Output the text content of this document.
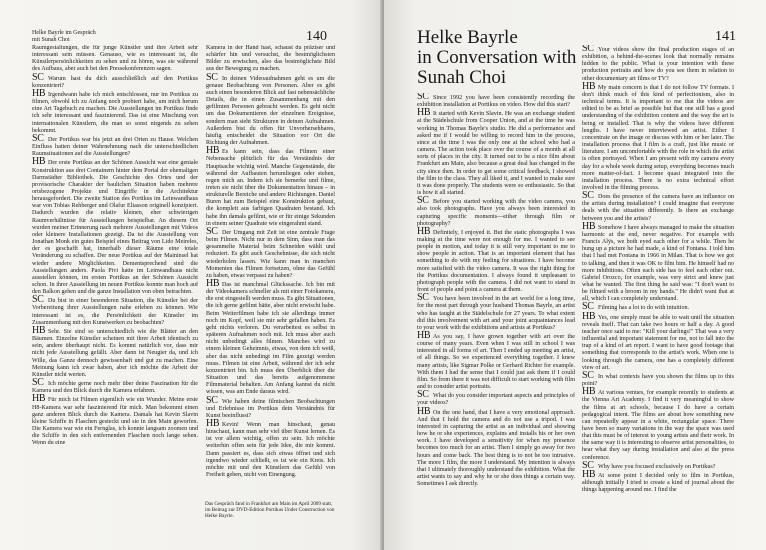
Helke Bayrle im Gespräch
mit Sunah Choi	140

Raumgestaltungen, die für junge Künstler und ihre Arbeit sehr interessant sein müssen. Genauso, wie es interessant ist, die Künstlerpersönlichkeiten zu sehen und zu hören, was sie während des Aufbaus, aber auch bei den Pressekonferenzen sagen.

SC Warum hast du dich ausschließlich auf den Portikus konzentriert?

HB Irgendwann habe ich mich entschlossen, nur im Portikus zu filmen, obwohl ich zu Anfang noch probiert habe, um mich herum eine Art Tagebuch zu machen. Die Ausstellungen im Portikus finde ich sehr interessant und faszinierend. Das ist eine Mischung von internationalen Künstlern, die man so sonst nirgends zu sehen bekommt.

SC Der Portikus war bis jetzt an drei Orten zu Hause. Welchen Einfluss hatten deiner Wahrnehmung nach die unterschiedlichen Raumsituationen auf die Ausstellungen?

HB Der erste Portikus an der Schönen Aussicht war eine geniale Konstruktion aus drei Containern hinter dem Portal der ehemaligen Darmstädter Bibliothek. Die Geschichte des Ortes und der provisorische Charakter der baulichen Situation haben mehrere ortsbezogene Projekte und Eingriffe in die Architektur herausgefordert. Die zweite Station des Portikus im Leinwandhaus war von Tobias Rehberger und Olafur Eliasson originell konzipiert. Dadurch wurden die relativ kleinen, eher schwierigen Raumverhältnisse für Ausstellungen beispielbar. An diesem Ort wurden meiner Erinnerung nach mehrere Ausstellungen mit Videos oder kleinere Installationen gezeigt. Da ist die Ausstellung von Jonathan Monk ein gutes Beispiel eines Beitrag von Lido Meireles, der es geschafft hat, innerhalb dieser Räume eine totale Veränderung zu schaffen. Der neue Portikus auf der Maininsel hat wieder andere Möglichkeiten. Dementsprechend sind die Ausstellungen anders. Paola Pivi hatte im Leinwandhaus nicht ausstellen können, im ersten Portikus an der Schönen Aussicht schon. In ihrer Ausstellung im neuen Portikus konnte man hoch auf den Balkon gehen und die ganze Installation von oben betrachten.

SC Du bist in einer besonderen Situation, die Künstler bei der Vorbereitung ihrer Ausstellungen nahe erleben zu können. Wie interessant ist es, die Persönlichkeit der Künstler im Zusammenhang mit den Kunstwerken zu beobachten?

HB Sehr. Sie sind so unterschiedlich wie die Blätter an den Bäumen. Einzelne Künstler scheinen mit ihrer Arbeit identisch zu sein, andere überhaupt nicht. Es kommt natürlich vor, dass mir nicht jede Ausstellung gefällt. Aber dann ist Neugier da, und ich Wille, das Ganze dennoch gewissenhaft und gut zu machen. Eine Meinung kann ich zwar haben, aber ich möchte die Arbeit der Künstler nicht werten.

SC Ich möchte gerne noch mehr über deine Faszination für die Kamera und den Blick durch die Kamera erfahren.

HB Für mich ist Filmen eigentlich wie ein Wunder. Meine erste H8-Kamera war sehr faszinierend für mich. Man bekommt einen ganz anderen Blick durch die Kamera. Damals hat Kevin Slavin kleine Schiffe in Flaschen gesteckt und sie in den Main geworfen. Die Kamera war wie ein Fernglas, ich konnte langsam zoomen und die Schiffe in den sich entfernenden Flaschen noch lange sehen. Wenn du eine

Kamera in der Hand hast, schaust du präziser und schärfer hin und versuchst, die bestmöglichsten Bilder zu erwischen, also das bestmöglichste Bild aus der Bewegung zu machen.

SC In deinen Videoaufnahmen geht es um die genaue Beobachtung von Personen. Aber es gibt auch einen besonderen Blick auf fast nebensächliche Details, die in einen Zusammenhang mit den gefilmten Personen gebracht werden. Es geht nicht um das Dokumentieren der einzelnen Ereignisse, sondern man sieht Strukturen in deinen Aufnahmen. Außerdem bist du offen für Unvorhersehbares, häufig entscheidet die Situation vor Ort die Richtung der Aufnahmen.

HB Es kann sein, dass das Filmen einer Nebensache plötzlich für das Verständnis der Hauptsache wichtig wird. Manche Gegenstände, die während der Aufbauten herumliegen oder stehen, regen mich an. Indem ich sie bemerke und filme, treten sie nicht über die Dokumentation hinaus – in strukturelle Bereiche und andere Richtungen. Daniel Buren hat zum Beispiel eine Konstruktion gebaut, die komplett aus farbigen Quadraten bestand. Ich habe ihn damals gefilmt, wie er für einige Sekunden in einem seiner Quadrate wie eingerahmt stand.

SC Der Umgang mit Zeit ist eine zentrale Frage beim Filmen. Nicht nur in dem Sinn, dass man das gesammelte Material beim Schneiden wählt und reduziert. Es gibt auch Geschehnisse, die sich nicht wiederholen lassen. Wie kann man in manchen Momenten das Filmen fortsetzen, ohne das Gefühl zu haben, etwas verpasst zu haben?

HB Das ist manchmal Glückssache. Ich bin mit der Videokamera schneller als mit einer Fotokamera, die erst eingestellt werden muss. Es gibt Situationen, die ich gerne gefilmt hätte, aber nicht erwischt habe. Beim Weiterfilmen habe ich sie allerdings immer noch im Kopf, weil sie mir sehr gefallen haben. Es geht nichts verloren. Du verarbeitest es selbst in späteren Aufnahmen noch mit. Ich muss aber auch nicht unbedingt alles filmen. Manches wird zu einem kleinen Geheimnis, etwas, von dem ich weiß, aber das nicht unbedingt im Film gezeigt werden muss. Filmen ist eine Arbeit, während der ich sehr konzentriert bin. Ich muss den Überblick über die Situation und das bereits aufgenommene Filmmaterial behalten. Am Anfang kannst du nicht wissen, was am Ende daraus wird.

SC Wie haben deine filmischen Beobachtungen und Erlebnisse im Portikus dein Verständnis für Kunst beeinflusst?

HB Kevin! Wenn man hinschaut, genau hinschaut, kann man sehr viel über Kunst lernen. Es ist vor allem wichtig, offen zu sein. Ich möchte weiterhin offen sein für jede Idee, die mir kommt. Dann passiert es, dass sich etwas öffnet und sich irgendwo wieder schließt, es ist wie ein Kreis. Ich möchte mit und den Künstlern das Gefühl von Freiheit geben, nicht von Einengung.

Das Gespräch fand in Frankfurt am Main im April 2009 statt, im Beitrag zur DVD-Edition Portikus Under Construction von Helke Bayrle.
Helke Bayrle
in Conversation with
Sunah Choi
141

SC Since 1992 you have been consistently recording the exhibition installation at Portikus on video. How did this start?

HB It started with Kevin Slavin. He was an exchange student at the Städelschule from Cooper Union, and at the time he was working in Thomas Bayrle's studio. He did a performance and asked me if I would be willing to record him in the process, since at the time I was the only one at the school who had a camera. The action took place over the course of a month at all sorts of places in the city. It turned out to be a nice film about Frankfurt am Main, also because a great deal has changed in the city since then. In order to get some critical feedback, I showed the film to the class. They all liked it, and I wanted to make sure it was done properly. The students were so enthusiastic. So that is how it all started.

SC Before you started working with the video camera, you also took photographs. Have you always been interested in capturing specific moments—either through film or photography?

HB Definitely, I enjoyed it. But the static photographs I was making at the time were not enough for me. I wanted to see people in motion, and today it is still very important to me to show people in action. That is an important element that has something to do with my feeling for situations. I have become more satisfied with the video camera. It was the right thing for the Portikus documentation. I always found it unpleasant to photograph people with the camera. I did not want to stand in front of people and point a camera at them.

SC You have been involved in the art world for a long time, for the most part through your husband Thomas Bayrle, an artist who has taught at the Städelschule for 27 years. To what extent did this involvement with art and your joint acquaintances lead to your work with the exhibitions and artists at Portikus?

HB As you say, I have grown together with art over the course of many years. Even when I was still in school I was interested in all forms of art. Then I ended up meeting an artist, of all things. So we experienced everything together. I knew many artists, like Sigmar Polke or Gerhard Richter for example. With them I had the sense that I could just ask them if I could film. So from there it was not difficult to start working with film and to consider artist portraits.

SC What do you consider important aspects and principles of your videos?

HB On the one hand, that I have a very emotional approach. And that I hold the camera and do not use a tripod. I was interested in capturing the artist as an individual and showing how he or she experiences, explains and installs his or her own work. I have developed a sensitivity for when my presence becomes too much for an artist. Then I simply go away for two hours and come back. The best thing is to not be too intrusive. The more I film, the more I understand. My intention is always that I ultimately thoroughly understand the exhibition. What the artist wants to say and why he or she does things a certain way. Sometimes I ask directly.

SC Your videos show the final production stages of an exhibition, a behind-the-scenes look that normally remains hidden to the public. What is your intention with these production portraits and how do you see them in relation to other documentary art films or TV?

HB My main concern is that I do not follow TV formats. I don't think much of this kind of perfectionism, also in technical terms. It is important to me that the videos are edited to be as brief as possible but that one still has a good understanding of the exhibition content and the way the art is being or installed. That is why the videos have different lengths. I have never interviewed an artist. Either I concentrate on the image or discuss with him or her later. The installation process that I film is a craft, just like music or literature. I am uncomfortable with the role in which the artist is often portrayed. When I am present with my camera every day for a whole week during setup, everything becomes much more matter-of-fact. I become quasi integrated into the installation process. There is no extra technical effort involved in the filming process.

SC Does the presence of the camera have an influence on the artists during installation? I could imagine that everyone deals with the situation differently. Is there an exchange between you and the artists?

HB Somehow I have always managed to make the situation harmonic at the end, never negative. For example with Francis Alÿs, we both eyed each other for a while. Then he hung up a picture he had made, a kind of Fontana. I told him that I had met Fontana in 1966 in Milan. That is how we got to talking, and then it was OK to film him. He himself had no more inhibitions. Often each side has to feel each other out. Gabriel Orozco, for example, was very strict and knew just what he wanted. The first thing he said was: "I don't want to be filmed with a broom in my hands." He didn't want that at all, which I can completely understand.

SC Filming has a lot to do with intuition.

HB Yes, one simply must be able to wait until the situation reveals itself. That can take two hours or half a day. A good teacher once said to me: "Kill your darlings!" That was a very influential and important statement for me, not to fall into the trap of a kind of art report. I want to have good footage that something that corresponds to the artist's work. When one is looking through the camera, one has a completely different view of art.

SC In what contexts have you shown the films up to this point?

HB At various venues, for example recently to students at the Vienna Art Academy. I find it very meaningful to show the films at art schools, because I do have a certain pedagogical intent. The films are about how something new can repeatedly appear in a white, rectangular space. There have been so many variations in the way the space was used that this must be of interest to young artists and their work. In the same way it is interesting to observe artist personalities, to hear what they say during installation and also at the press conference.

SC Why have you focused exclusively on Portikus?

HB At some point I decided only to film in Portikus, although initially I tried to create a kind of journal about the things happening around me. I find the
